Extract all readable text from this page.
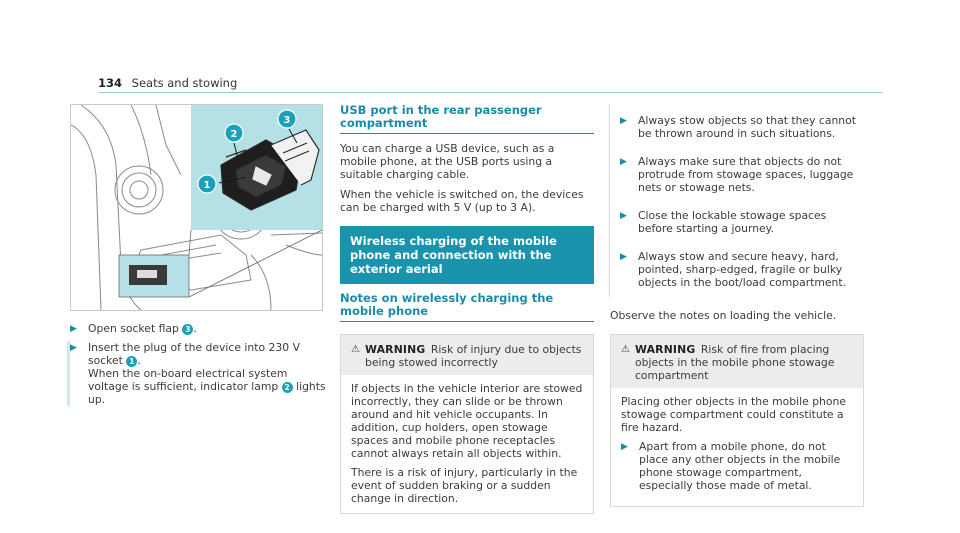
134 Seats and stowing
1
2
3
▶ Open socket flap 3 .

▶ Insert the plug of the device into 230 V socket 1 .
When the on-board electrical system voltage is sufficient, indicator lamp 2 lights up.

USB port in the rear passenger compartment

You can charge a USB device, such as a mobile phone, at the USB ports using a suitable charging cable.

When the vehicle is switched on, the devices can be charged with 5 V (up to 3 A).

Wireless charging of the mobile phone and connection with the exterior aerial
Notes on wirelessly charging the mobile phone
⚠ WARNING Risk of injury due to objects being stowed incorrectly

If objects in the vehicle interior are stowed incorrectly, they can slide or be thrown around and hit vehicle occupants. In addition, cup holders, open stowage spaces and mobile phone receptacles cannot always retain all objects within.

There is a risk of injury, particularly in the event of sudden braking or a sudden change in direction.

▶ Always stow objects so that they cannot be thrown around in such situations.

▶ Always make sure that objects do not protrude from stowage spaces, luggage nets or stowage nets.

▶ Close the lockable stowage spaces before starting a journey.

▶ Always stow and secure heavy, hard, pointed, sharp-edged, fragile or bulky objects in the boot/load compartment.

Observe the notes on loading the vehicle.

⚠ WARNING Risk of fire from placing objects in the mobile phone stowage compartment

Placing other objects in the mobile phone stowage compartment could constitute a fire hazard.

▶ Apart from a mobile phone, do not place any other objects in the mobile phone stowage compartment, especially those made of metal.
